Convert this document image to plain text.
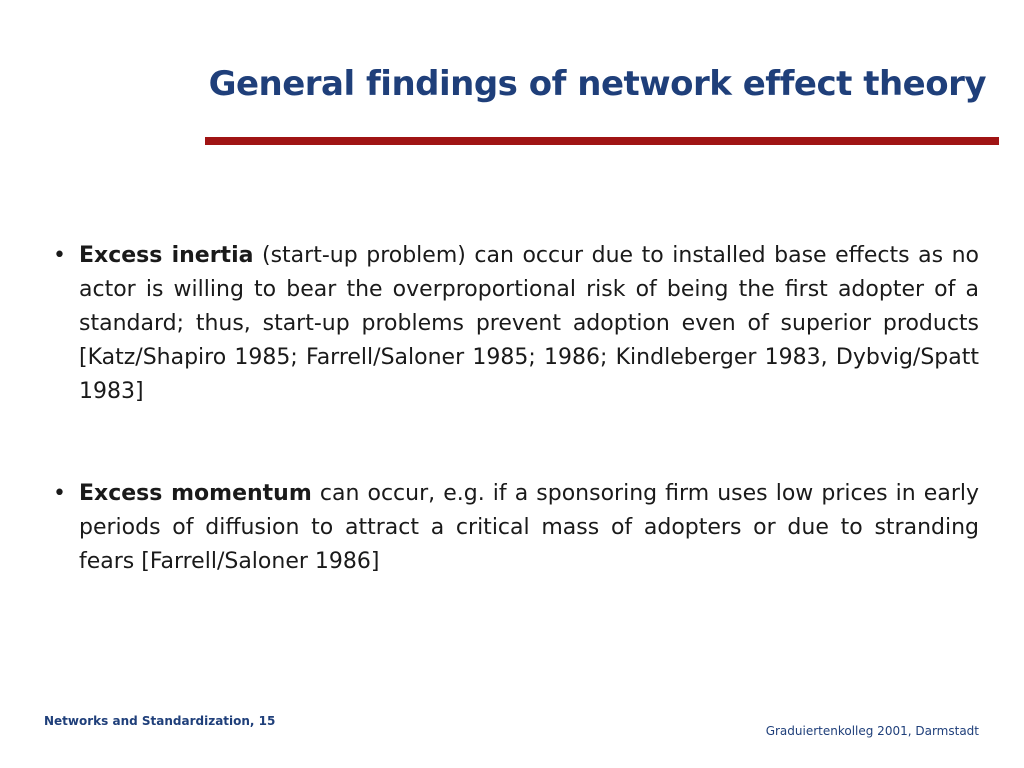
General findings of network effect theory
• Excess inertia (start-up problem) can occur due to installed base effects as no actor is willing to bear the overproportional risk of being the first adopter of a standard; thus, start-up problems prevent adoption even of superior products [Katz/Shapiro 1985; Farrell/Saloner 1985; 1986; Kindleberger 1983, Dybvig/Spatt 1983]
• Excess momentum can occur, e.g. if a sponsoring firm uses low prices in early periods of diffusion to attract a critical mass of adopters or due to stranding fears [Farrell/Saloner 1986]
Networks and Standardization, 15
Graduiertenkolleg 2001, Darmstadt
